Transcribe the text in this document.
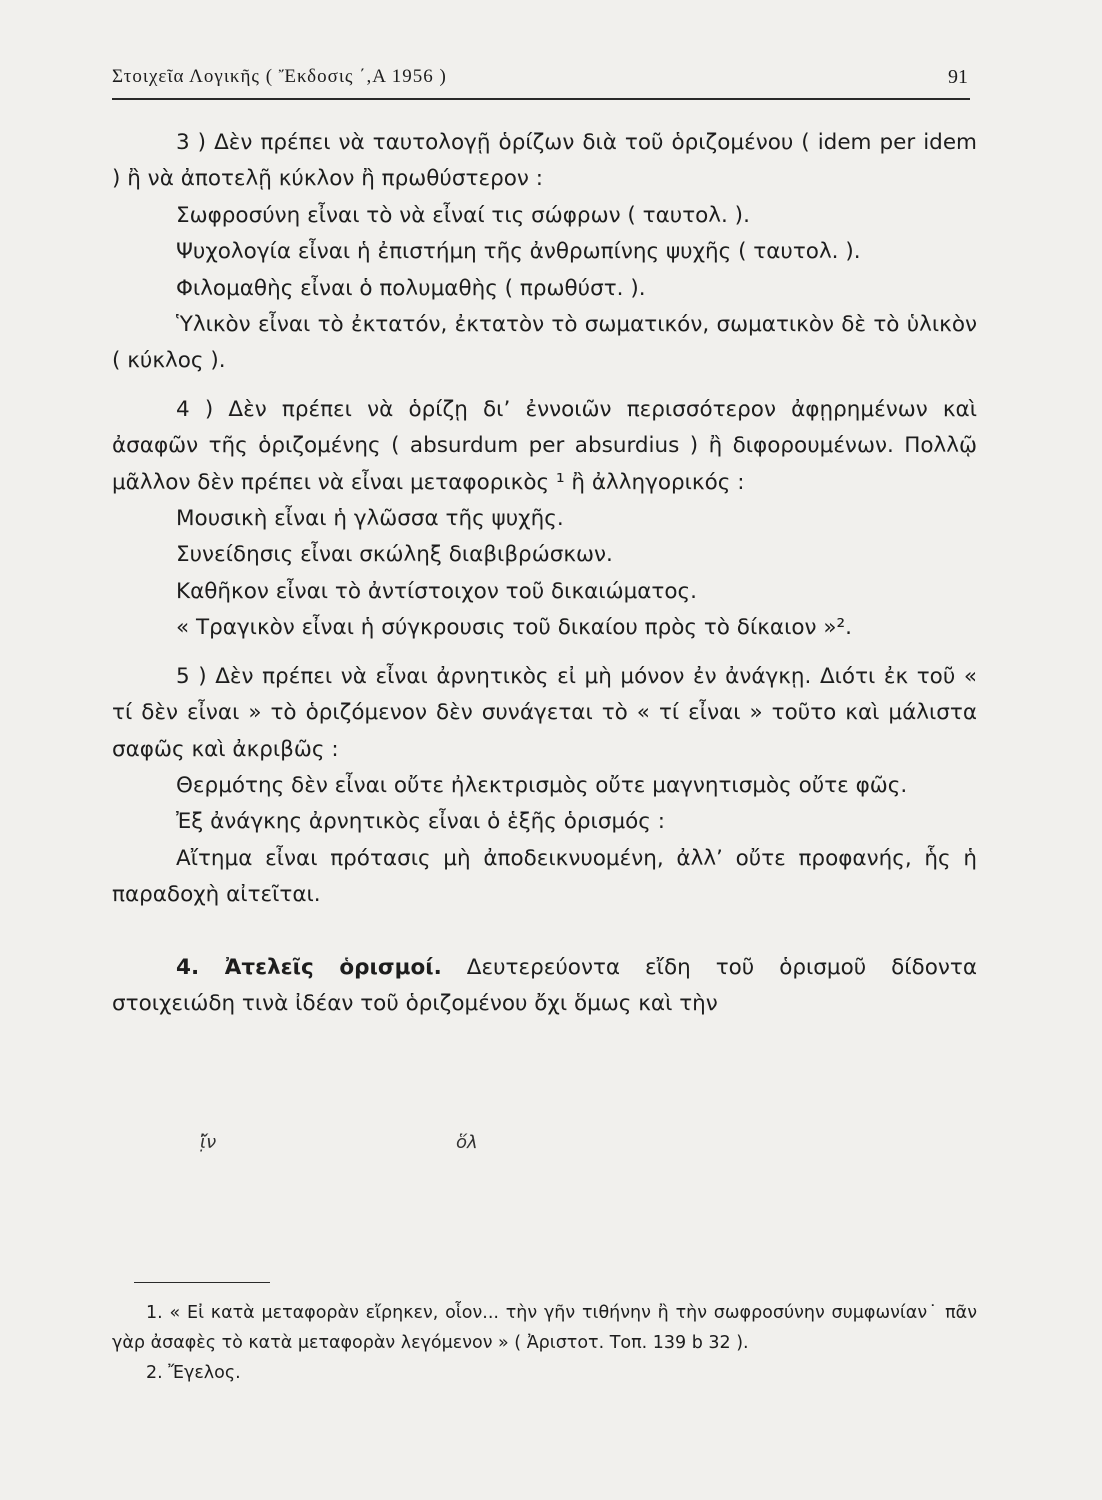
Στοιχεῖα Λογικῆς ( Ἔκδοσις ΄,Α 1956 )	91

3 ) Δὲν πρέπει νὰ ταυτολογῇ ὁρίζων διὰ τοῦ ὁριζομένου ( idem per idem ) ἢ νὰ ἀποτελῇ κύκλον ἢ πρωθύστερον :

Σωφροσύνη εἶναι τὸ νὰ εἶναί τις σώφρων ( ταυτολ. ).

Ψυχολογία εἶναι ἡ ἐπιστήμη τῆς ἀνθρωπίνης ψυχῆς ( ταυτολ. ).

Φιλομαθὴς εἶναι ὁ πολυμαθὴς ( πρωθύστ. ).

Ὑλικὸν εἶναι τὸ ἐκτατόν, ἐκτατὸν τὸ σωματικόν, σωματικὸν δὲ τὸ ὑλικὸν ( κύκλος ).

4 ) Δὲν πρέπει νὰ ὁρίζῃ δι’ ἐννοιῶν περισσότερον ἀφῃρημένων καὶ ἀσαφῶν τῆς ὁριζομένης ( absurdum per absurdius ) ἢ διφορουμένων. Πολλῷ μᾶλλον δὲν πρέπει νὰ εἶναι μεταφορικὸς ¹ ἢ ἀλληγορικός :

Μουσικὴ εἶναι ἡ γλῶσσα τῆς ψυχῆς.

Συνείδησις εἶναι σκώληξ διαβιβρώσκων.

Καθῆκον εἶναι τὸ ἀντίστοιχον τοῦ δικαιώματος.

« Τραγικὸν εἶναι ἡ σύγκρουσις τοῦ δικαίου πρὸς τὸ δίκαιον »².

5 ) Δὲν πρέπει νὰ εἶναι ἀρνητικὸς εἰ μὴ μόνον ἐν ἀνάγκῃ. Διότι ἐκ τοῦ « τί δὲν εἶναι » τὸ ὁριζόμενον δὲν συνάγεται τὸ « τί εἶναι » τοῦτο καὶ μάλιστα σαφῶς καὶ ἀκριβῶς :

Θερμότης δὲν εἶναι οὔτε ἠλεκτρισμὸς οὔτε μαγνητισμὸς οὔτε φῶς.

Ἐξ ἀνάγκης ἀρνητικὸς εἶναι ὁ ἑξῆς ὁρισμός :

Αἴτημα εἶναι πρότασις μὴ ἀποδεικνυομένη, ἀλλ’ οὔτε προφανής, ἧς ἡ παραδοχὴ αἰτεῖται.

4. Ἀτελεῖς ὁρισμοί. Δευτερεύοντα εἴδη τοῦ ὁρισμοῦ δίδοντα στοιχειώδη τινὰ ἰδέαν τοῦ ὁριζομένου ὄχι ὅμως καὶ τὴν

ἴ̣̃ν	ὅλ

1. « Εἰ κατὰ μεταφορὰν εἴρηκεν, οἷον... τὴν γῆν τιθήνην ἢ τὴν σωφροσύνην συμφωνίαν˙ πᾶν γὰρ ἀσαφὲς τὸ κατὰ μεταφορὰν λεγόμενον » ( Ἀριστοτ. Τοπ. 139 b 32 ).

2. Ἔγελος.
